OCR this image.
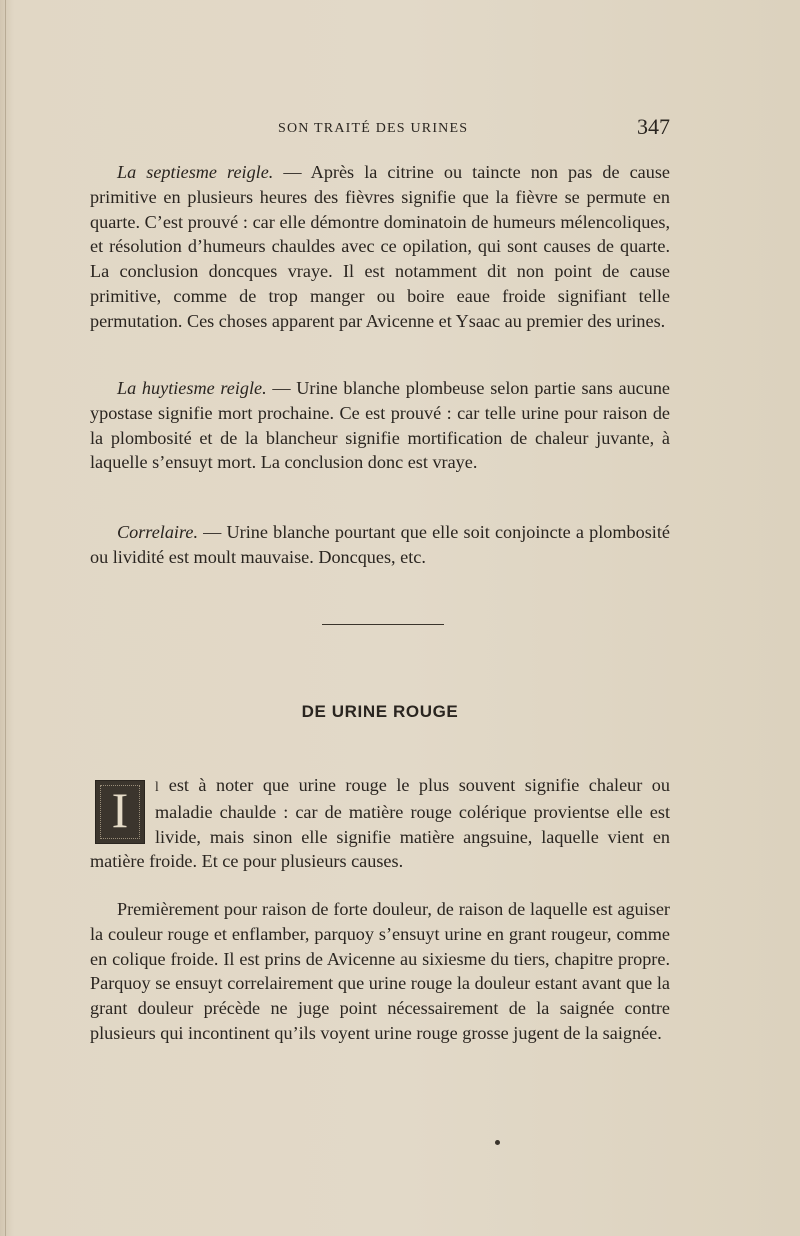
SON TRAITÉ DES URINES	347

La septiesme reigle. — Après la citrine ou taincte non pas de cause primitive en plusieurs heures des fièvres signifie que la fièvre se permute en quarte. C’est prouvé : car elle démontre dominatoin de humeurs mélencoliques, et résolution d’humeurs chauldes avec ce opilation, qui sont causes de quarte. La conclusion doncques vraye. Il est notamment dit non point de cause primitive, comme de trop manger ou boire eaue froide signifiant telle permutation. Ces choses apparent par Avicenne et Ysaac au premier des urines.

La huytiesme reigle. — Urine blanche plombeuse selon partie sans aucune ypostase signifie mort prochaine. Ce est prouvé : car telle urine pour raison de la plombosité et de la blancheur signifie mortification de chaleur juvante, à laquelle s’ensuyt mort. La conclusion donc est vraye.

Correlaire. — Urine blanche pourtant que elle soit conjoincte a plombosité ou lividité est moult mauvaise. Doncques, etc.

DE URINE ROUGE

I	l est à noter que urine rouge le plus souvent signifie chaleur ou maladie chaulde : car de matière rouge colérique provientse elle est livide, mais sinon elle signifie matière angsuine, laquelle vient en matière froide. Et ce pour plusieurs causes.

Premièrement pour raison de forte douleur, de raison de laquelle est aguiser la couleur rouge et enflamber, parquoy s’ensuyt urine en grant rougeur, comme en colique froide. Il est prins de Avicenne au sixiesme du tiers, chapitre propre. Parquoy se ensuyt correlairement que urine rouge la douleur estant avant que la grant douleur précède ne juge point nécessairement de la saignée contre plusieurs qui incontinent qu’ils voyent urine rouge grosse jugent de la saignée.
